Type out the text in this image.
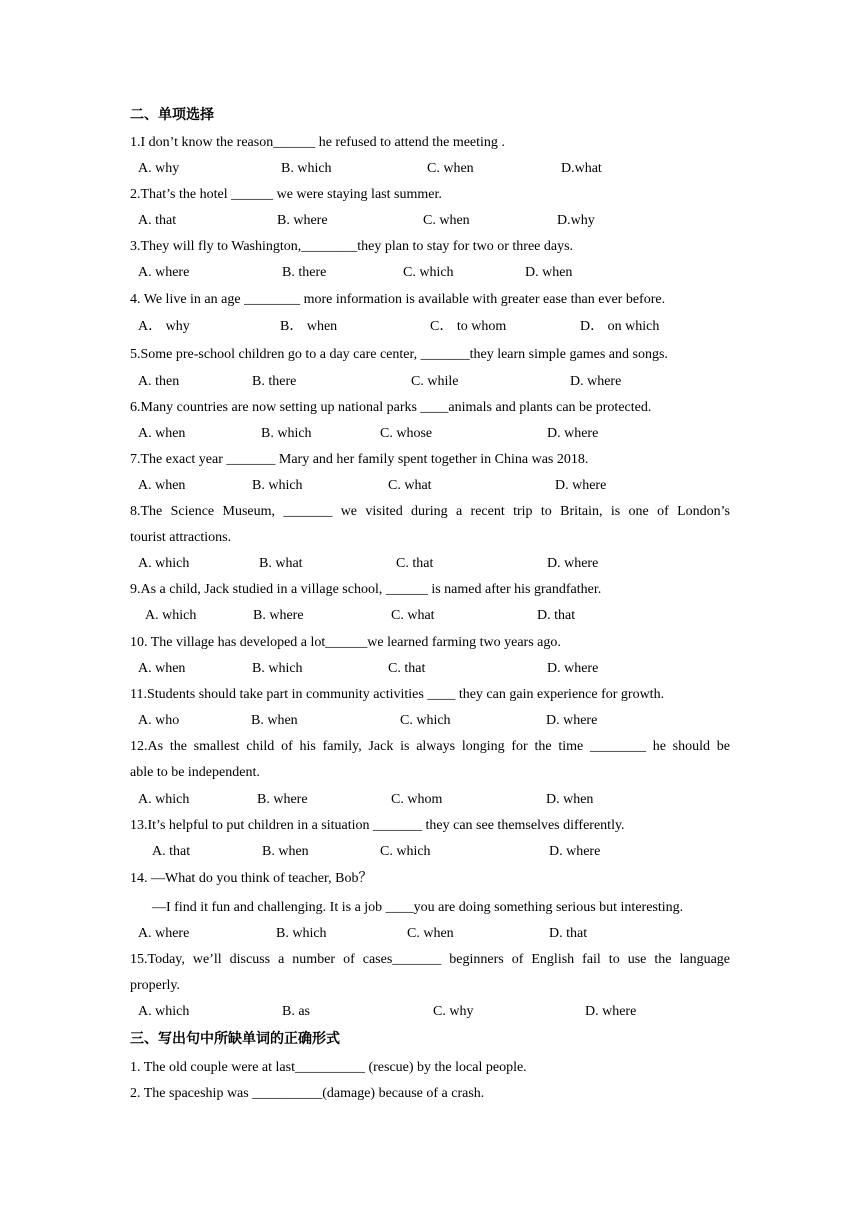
二、单项选择
1.I don’t know the reason______ he refused to attend the meeting .
A. why	B. which	C. when	D.what
2.That’s the hotel ______ we were staying last summer.
A. that	B. where	C. when	D.why
3.They will fly to Washington,________they plan to stay for two or three days.
A. where	B. there	C. which	D. when
4. We live in an age ________ more information is available with greater ease than ever before.
A． why	B． when	C． to whom	D． on which
5.Some pre-school children go to a day care center, _______they learn simple games and songs.
A. then	B. there	C. while	D. where
6.Many countries are now setting up national parks ____animals and plants can be protected.
A. when	B. which	C. whose	D. where
7.The exact year _______ Mary and her family spent together in China was 2018.
A. when	B. which	C. what	D. where
8.The Science Museum, _______ we visited during a recent trip to Britain, is one of London’s
tourist attractions.
A. which	B. what	C. that	D. where
9.As a child, Jack studied in a village school, ______ is named after his grandfather.
A. which	B. where	C. what	D. that
10. The village has developed a lot______we learned farming two years ago.
A. when	B. which	C. that	D. where
11.Students should take part in community activities ____ they can gain experience for growth.
A. who	B. when	C. which	D. where
12.As the smallest child of his family, Jack is always longing for the time ________ he should be
able to be independent.
A. which	B. where	C. whom	D. when
13.It’s helpful to put children in a situation _______ they can see themselves differently.
A. that	B. when	C. which	D. where
14. —What do you think of teacher, Bob？
—I find it fun and challenging. It is a job ____you are doing something serious but interesting.
A. where	B. which	C. when	D. that
15.Today, we’ll discuss a number of cases_______ beginners of English fail to use the language
properly.
A. which	B. as	C. why	D. where
三、写出句中所缺单词的正确形式
1. The old couple were at last__________ (rescue) by the local people.
2. The spaceship was __________(damage) because of a crash.
